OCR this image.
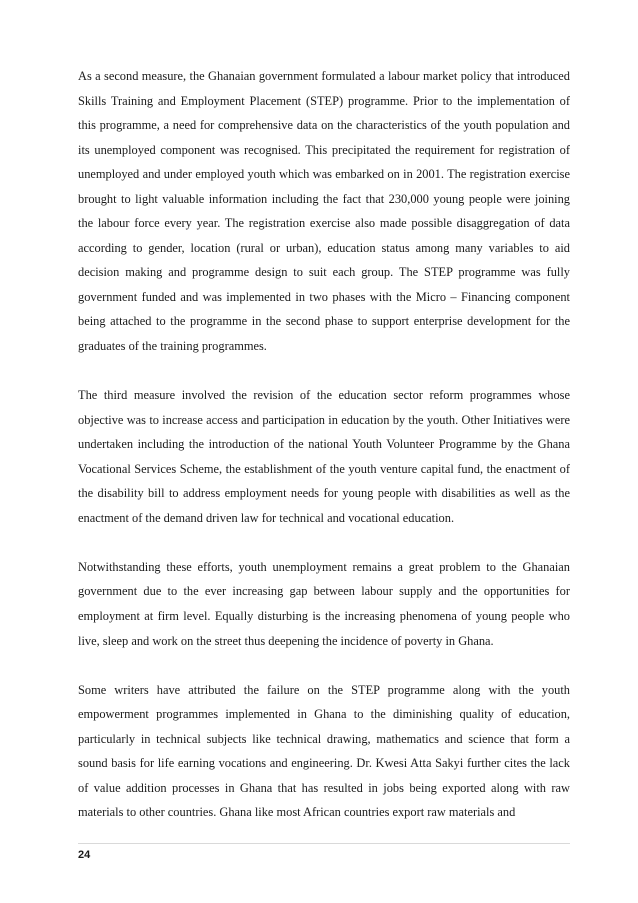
As a second measure, the Ghanaian government formulated a labour market policy that introduced Skills Training and Employment Placement (STEP) programme. Prior to the implementation of this programme, a need for comprehensive data on the characteristics of the youth population and its unemployed component was recognised. This precipitated the requirement for registration of unemployed and under employed youth which was embarked on in 2001. The registration exercise brought to light valuable information including the fact that 230,000 young people were joining the labour force every year. The registration exercise also made possible disaggregation of data according to gender, location (rural or urban), education status among many variables to aid decision making and programme design to suit each group. The STEP programme was fully government funded and was implemented in two phases with the Micro – Financing component being attached to the programme in the second phase to support enterprise development for the graduates of the training programmes.

The third measure involved the revision of the education sector reform programmes whose objective was to increase access and participation in education by the youth. Other Initiatives were undertaken including the introduction of the national Youth Volunteer Programme by the Ghana Vocational Services Scheme, the establishment of the youth venture capital fund, the enactment of the disability bill to address employment needs for young people with disabilities as well as the enactment of the demand driven law for technical and vocational education.

Notwithstanding these efforts, youth unemployment remains a great problem to the Ghanaian government due to the ever increasing gap between labour supply and the opportunities for employment at firm level. Equally disturbing is the increasing phenomena of young people who live, sleep and work on the street thus deepening the incidence of poverty in Ghana.

Some writers have attributed the failure on the STEP programme along with the youth empowerment programmes implemented in Ghana to the diminishing quality of education, particularly in technical subjects like technical drawing, mathematics and science that form a sound basis for life earning vocations and engineering. Dr. Kwesi Atta Sakyi further cites the lack of value addition processes in Ghana that has resulted in jobs being exported along with raw materials to other countries. Ghana like most African countries export raw materials and

24
